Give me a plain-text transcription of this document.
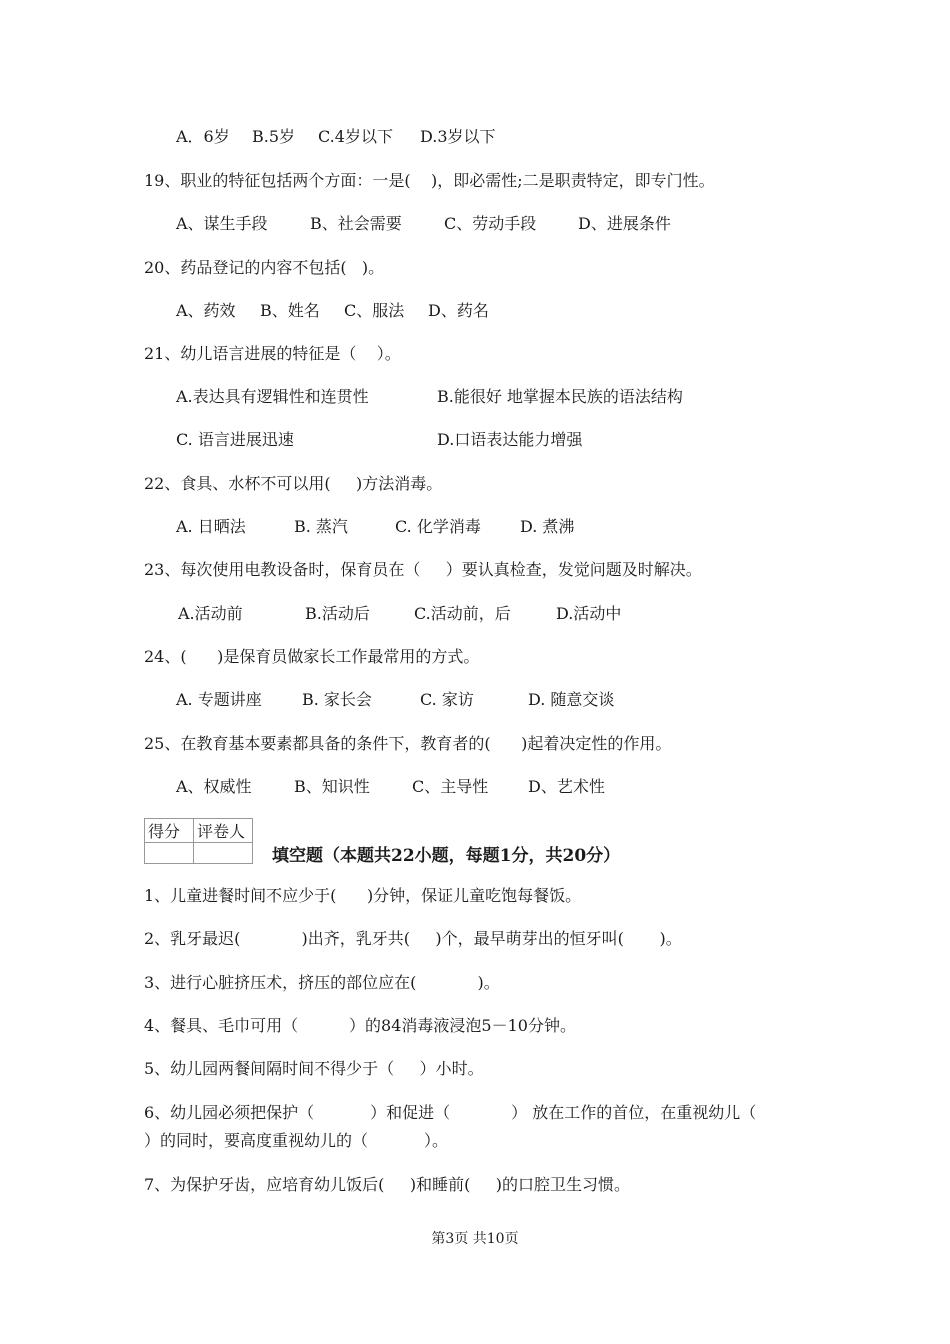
A．6岁 B.5岁 C.4岁以下 D.3岁以下
19、职业的特征包括两个方面：一是(    )，即必需性;二是职责特定，即专门性。
A、谋生手段	B、社会需要	C、劳动手段	D、进展条件
20、药品登记的内容不包括(   )。
A、药效 B、姓名 C、服法 D、药名
21、幼儿语言进展的特征是（    ）。
A.表达具有逻辑性和连贯性	B.能很好 地掌握本民族的语法结构
C. 语言进展迅速	D.口语表达能力增强
22、食具、水杯不可以用(     )方法消毒。
A. 日晒法	B. 蒸汽	C. 化学消毒 D. 煮沸
23、每次使用电教设备时，保育员在（     ）要认真检查，发觉问题及时解决。
A.活动前	B.活动后	C.活动前，后	D.活动中
24、(      )是保育员做家长工作最常用的方式。
A. 专题讲座	B. 家长会	C. 家访	D. 随意交谈
25、在教育基本要素都具备的条件下，教育者的(      )起着决定性的作用。
A、权威性	B、知识性	C、主导性 D、艺术性
得分	评卷人

填空题（本题共22小题，每题1分，共20分）
1、儿童进餐时间不应少于(      )分钟，保证儿童吃饱每餐饭。
2、乳牙最迟(            )出齐，乳牙共(     )个，最早萌芽出的恒牙叫(       )。
3、进行心脏挤压术，挤压的部位应在(            )。
4、餐具、毛巾可用（          ）的84消毒液浸泡5－10分钟。
5、幼儿园两餐间隔时间不得少于（     ）小时。
6、幼儿园必须把保护（           ）和促进（            ） 放在工作的首位，在重视幼儿（
）的同时，要高度重视幼儿的（           ）。
7、为保护牙齿，应培育幼儿饭后(     )和睡前(     )的口腔卫生习惯。
第3页 共10页
